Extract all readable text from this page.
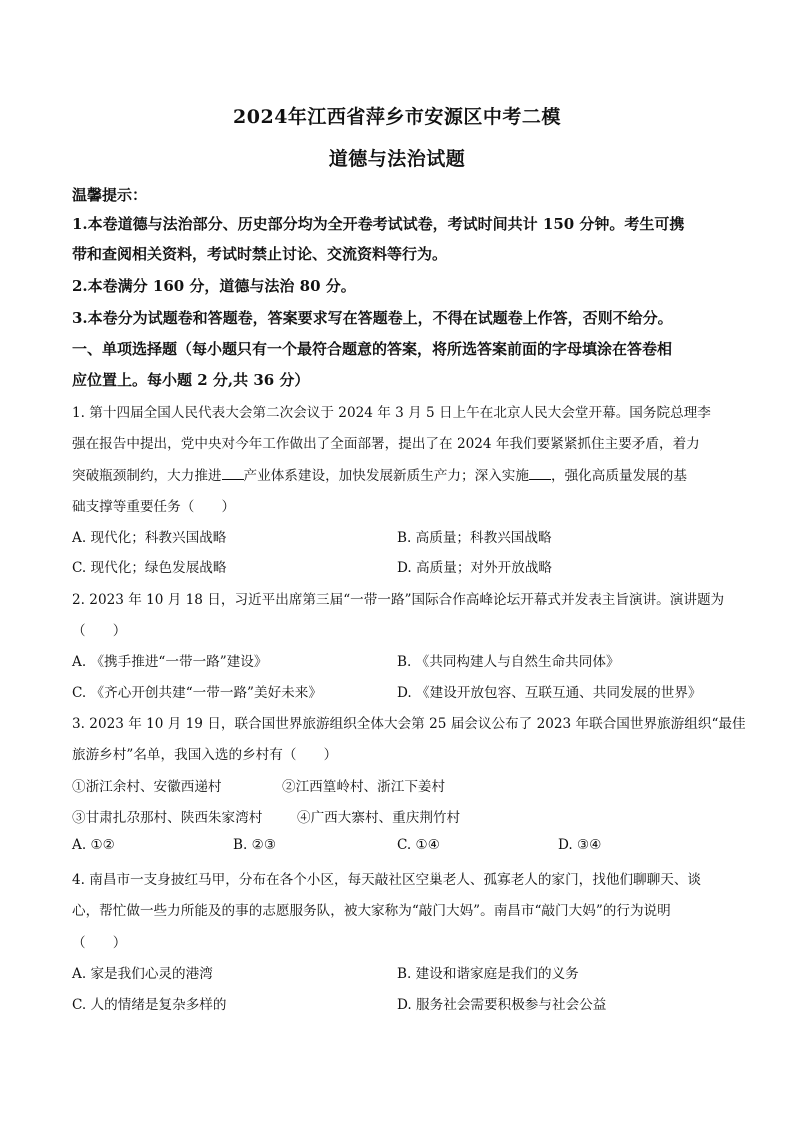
2024年江西省萍乡市安源区中考二模
道德与法治试题
温馨提示：
1.本卷道德与法治部分、历史部分均为全开卷考试试卷，考试时间共计 150 分钟。考生可携
带和查阅相关资料，考试时禁止讨论、交流资料等行为。
2.本卷满分 160 分，道德与法治 80 分。
3.本卷分为试题卷和答题卷，答案要求写在答题卷上，不得在试题卷上作答，否则不给分。
一、单项选择题（每小题只有一个最符合题意的答案，将所选答案前面的字母填涂在答卷相
应位置上。每小题 2 分,共 36 分）
1. 第十四届全国人民代表大会第二次会议于 2024 年 3 月 5 日上午在北京人民大会堂开幕。国务院总理李
强在报告中提出，党中央对今年工作做出了全面部署，提出了在 2024 年我们要紧紧抓住主要矛盾，着力
突破瓶颈制约，大力推进 产业体系建设，加快发展新质生产力；深入实施 ，强化高质量发展的基
础支撑等重要任务（　　）
A. 现代化；科教兴国战略	B. 高质量；科教兴国战略
C. 现代化；绿色发展战略	D. 高质量；对外开放战略
2. 2023 年 10 月 18 日，习近平出席第三届“一带一路”国际合作高峰论坛开幕式并发表主旨演讲。演讲题为
（　　）
A. 《携手推进“一带一路”建设》	B. 《共同构建人与自然生命共同体》
C. 《齐心开创共建“一带一路”美好未来》	D. 《建设开放包容、互联互通、共同发展的世界》
3. 2023 年 10 月 19 日，联合国世界旅游组织全体大会第 25 届会议公布了 2023 年联合国世界旅游组织“最佳
旅游乡村”名单，我国入选的乡村有（　　）
①浙江余村、安徽西递村	②江西篁岭村、浙江下姜村
③甘肃扎尕那村、陕西朱家湾村	④广西大寨村、重庆荆竹村
A. ①②	B. ②③	C. ①④	D. ③④
4. 南昌市一支身披红马甲，分布在各个小区，每天敲社区空巢老人、孤寡老人的家门，找他们聊聊天、谈
心，帮忙做一些力所能及的事的志愿服务队，被大家称为“敲门大妈”。南昌市“敲门大妈”的行为说明
（　　）
A. 家是我们心灵的港湾	B. 建设和谐家庭是我们的义务
C. 人的情绪是复杂多样的	D. 服务社会需要积极参与社会公益
